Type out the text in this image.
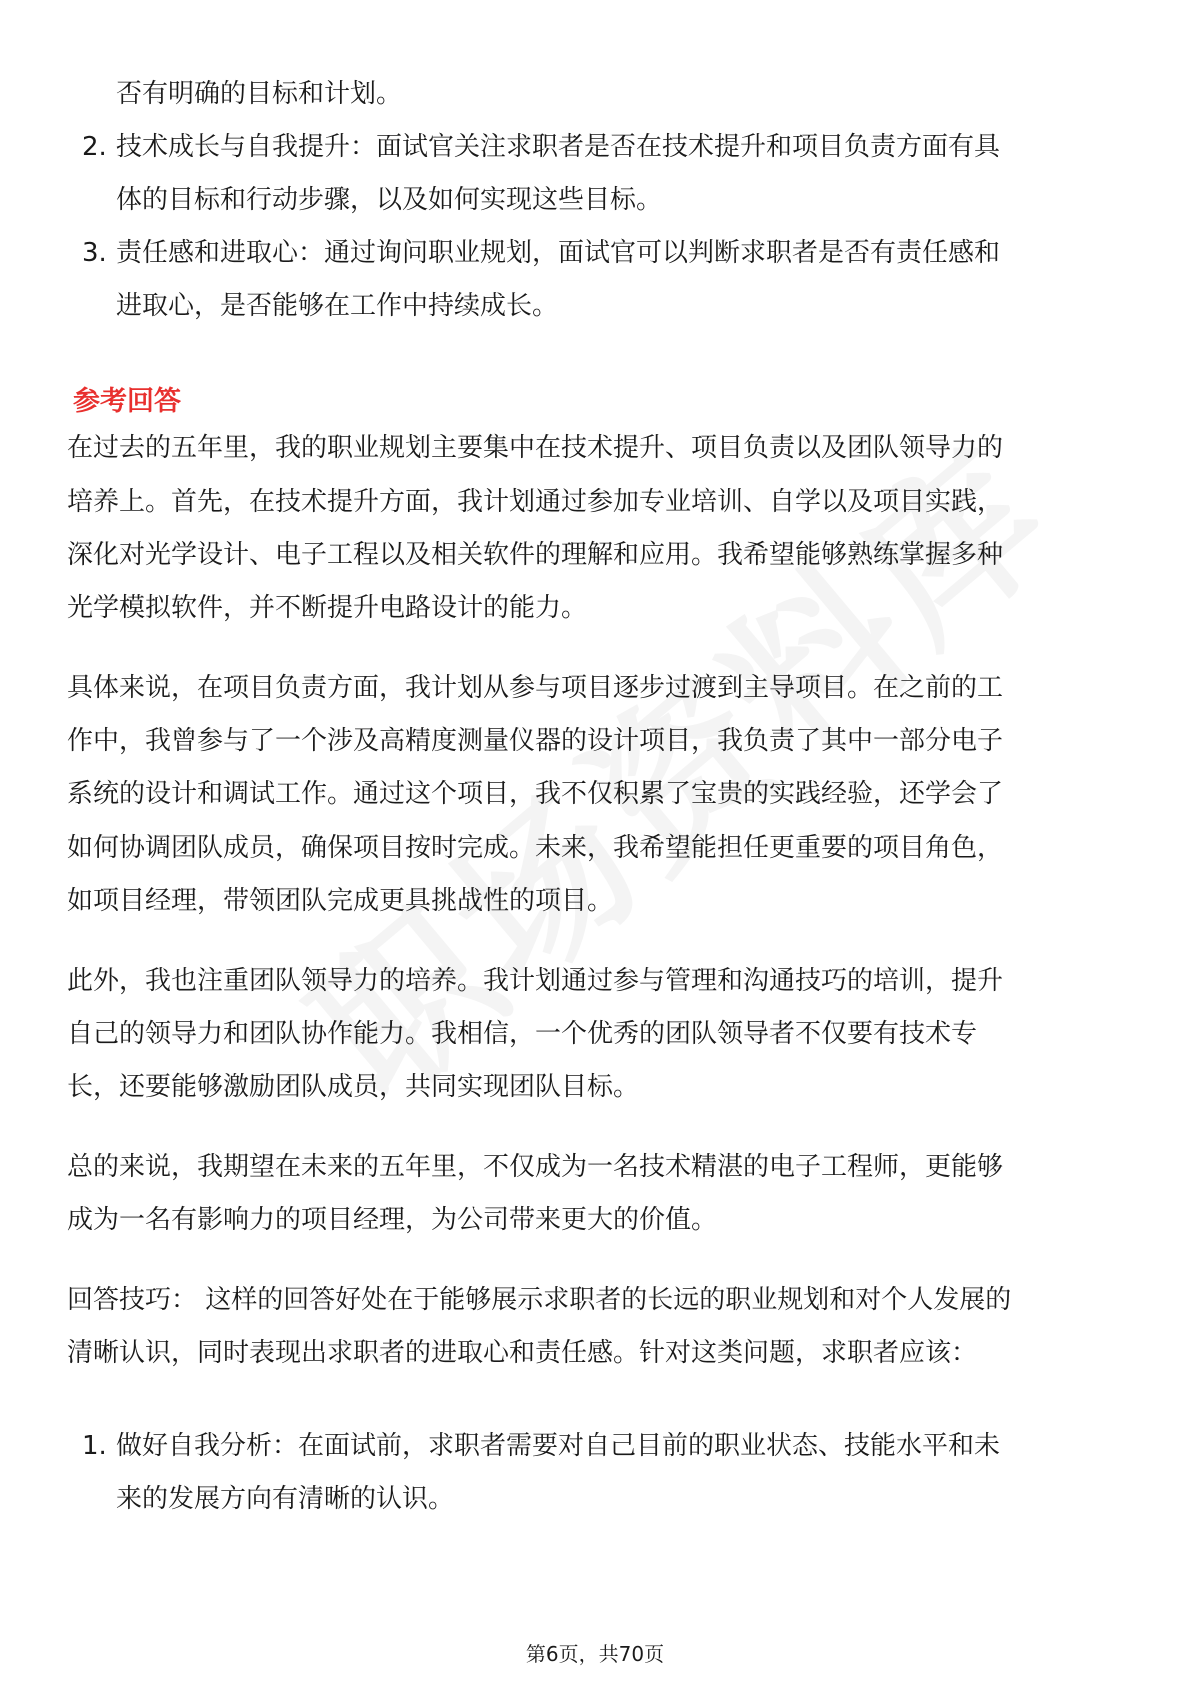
否有明确的目标和计划。

2. 技术成长与自我提升：面试官关注求职者是否在技术提升和项目负责方面有具

体的目标和行动步骤，以及如何实现这些目标。

3. 责任感和进取心：通过询问职业规划，面试官可以判断求职者是否有责任感和

进取心，是否能够在工作中持续成长。

参考回答

在过去的五年里，我的职业规划主要集中在技术提升、项目负责以及团队领导力的

培养上。首先，在技术提升方面，我计划通过参加专业培训、自学以及项目实践，

深化对光学设计、电子工程以及相关软件的理解和应用。我希望能够熟练掌握多种

光学模拟软件，并不断提升电路设计的能力。

具体来说，在项目负责方面，我计划从参与项目逐步过渡到主导项目。在之前的工

作中，我曾参与了一个涉及高精度测量仪器的设计项目，我负责了其中一部分电子

系统的设计和调试工作。通过这个项目，我不仅积累了宝贵的实践经验，还学会了

如何协调团队成员，确保项目按时完成。未来，我希望能担任更重要的项目角色，

如项目经理，带领团队完成更具挑战性的项目。

此外，我也注重团队领导力的培养。我计划通过参与管理和沟通技巧的培训，提升

自己的领导力和团队协作能力。我相信，一个优秀的团队领导者不仅要有技术专

长，还要能够激励团队成员，共同实现团队目标。

总的来说，我期望在未来的五年里，不仅成为一名技术精湛的电子工程师，更能够

成为一名有影响力的项目经理，为公司带来更大的价值。

回答技巧： 这样的回答好处在于能够展示求职者的长远的职业规划和对个人发展的

清晰认识，同时表现出求职者的进取心和责任感。针对这类问题，求职者应该：

1. 做好自我分析：在面试前，求职者需要对自己目前的职业状态、技能水平和未

来的发展方向有清晰的认识。

第6页，共70页
